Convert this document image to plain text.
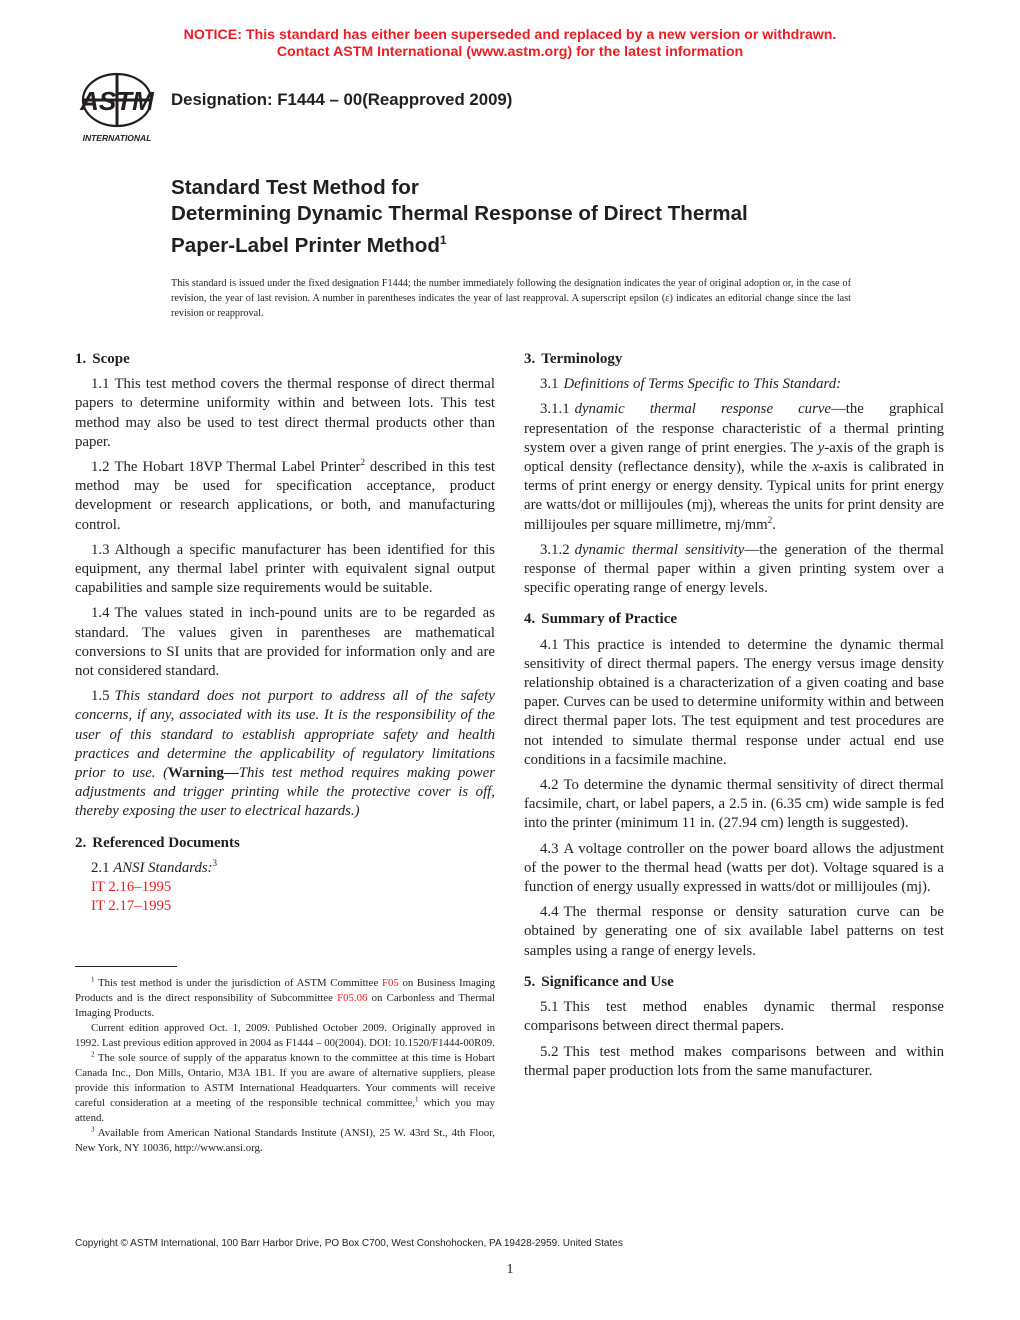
NOTICE: This standard has either been superseded and replaced by a new version or withdrawn.
Contact ASTM International (www.astm.org) for the latest information
ASTM
INTERNATIONAL
Designation: F1444 – 00(Reapproved 2009)
Standard Test Method for
Determining Dynamic Thermal Response of Direct Thermal
Paper-Label Printer Method$^1$
This standard is issued under the fixed designation F1444; the number immediately following the designation indicates the year of original adoption or, in the case of revision, the year of last revision. A number in parentheses indicates the year of last reapproval. A superscript epsilon (ε) indicates an editorial change since the last revision or reapproval.
1. Scope

1.1 This test method covers the thermal response of direct thermal papers to determine uniformity within and between lots. This test method may also be used to test direct thermal products other than paper.

1.2 The Hobart 18VP Thermal Label Printer$^2$ described in this test method may be used for specification acceptance, product development or research applications, or both, and manufacturing control.

1.3 Although a specific manufacturer has been identified for this equipment, any thermal label printer with equivalent signal output capabilities and sample size requirements would be suitable.

1.4 The values stated in inch-pound units are to be regarded as standard. The values given in parentheses are mathematical conversions to SI units that are provided for information only and are not considered standard.

1.5 This standard does not purport to address all of the safety concerns, if any, associated with its use. It is the responsibility of the user of this standard to establish appropriate safety and health practices and determine the applicability of regulatory limitations prior to use. (Warning—This test method requires making power adjustments and trigger printing while the protective cover is off, thereby exposing the user to electrical hazards.)

2. Referenced Documents
2.1 ANSI Standards:$^3$
IT 2.16–1995
IT 2.17–1995

$^1$ This test method is under the jurisdiction of ASTM Committee F05 on Business Imaging Products and is the direct responsibility of Subcommittee F05.06 on Carbonless and Thermal Imaging Products.

Current edition approved Oct. 1, 2009. Published October 2009. Originally approved in 1992. Last previous edition approved in 2004 as F1444 – 00(2004). DOI: 10.1520/F1444-00R09.

$^2$ The sole source of supply of the apparatus known to the committee at this time is Hobart Canada Inc., Don Mills, Ontario, M3A 1B1. If you are aware of alternative suppliers, please provide this information to ASTM International Headquarters. Your comments will receive careful consideration at a meeting of the responsible technical committee,$^1$ which you may attend.

$^3$ Available from American National Standards Institute (ANSI), 25 W. 43rd St., 4th Floor, New York, NY 10036, http://www.ansi.org.

3. Terminology

3.1 Definitions of Terms Specific to This Standard:

3.1.1 dynamic thermal response curve—the graphical representation of the response characteristic of a thermal printing system over a given range of print energies. The y-axis of the graph is optical density (reflectance density), while the x-axis is calibrated in terms of print energy or energy density. Typical units for print energy are watts/dot or millijoules (mj), whereas the units for print density are millijoules per square millimetre, $mj/mm^2$.

3.1.2 dynamic thermal sensitivity—the generation of the thermal response of thermal paper within a given printing system over a specific operating range of energy levels.

4. Summary of Practice

4.1 This practice is intended to determine the dynamic thermal sensitivity of direct thermal papers. The energy versus image density relationship obtained is a characterization of a given coating and base paper. Curves can be used to determine uniformity within and between direct thermal paper lots. The test equipment and test procedures are not intended to simulate thermal response under actual end use conditions in a facsimile machine.

4.2 To determine the dynamic thermal sensitivity of direct thermal facsimile, chart, or label papers, a 2.5 in. (6.35 cm) wide sample is fed into the printer (minimum 11 in. (27.94 cm) length is suggested).

4.3 A voltage controller on the power board allows the adjustment of the power to the thermal head (watts per dot). Voltage squared is a function of energy usually expressed in watts/dot or millijoules (mj).

4.4 The thermal response or density saturation curve can be obtained by generating one of six available label patterns on test samples using a range of energy levels.

5. Significance and Use

5.1 This test method enables dynamic thermal response comparisons between direct thermal papers.

5.2 This test method makes comparisons between and within thermal paper production lots from the same manufacturer.

Copyright © ASTM International, 100 Barr Harbor Drive, PO Box C700, West Conshohocken, PA 19428-2959. United States
1
